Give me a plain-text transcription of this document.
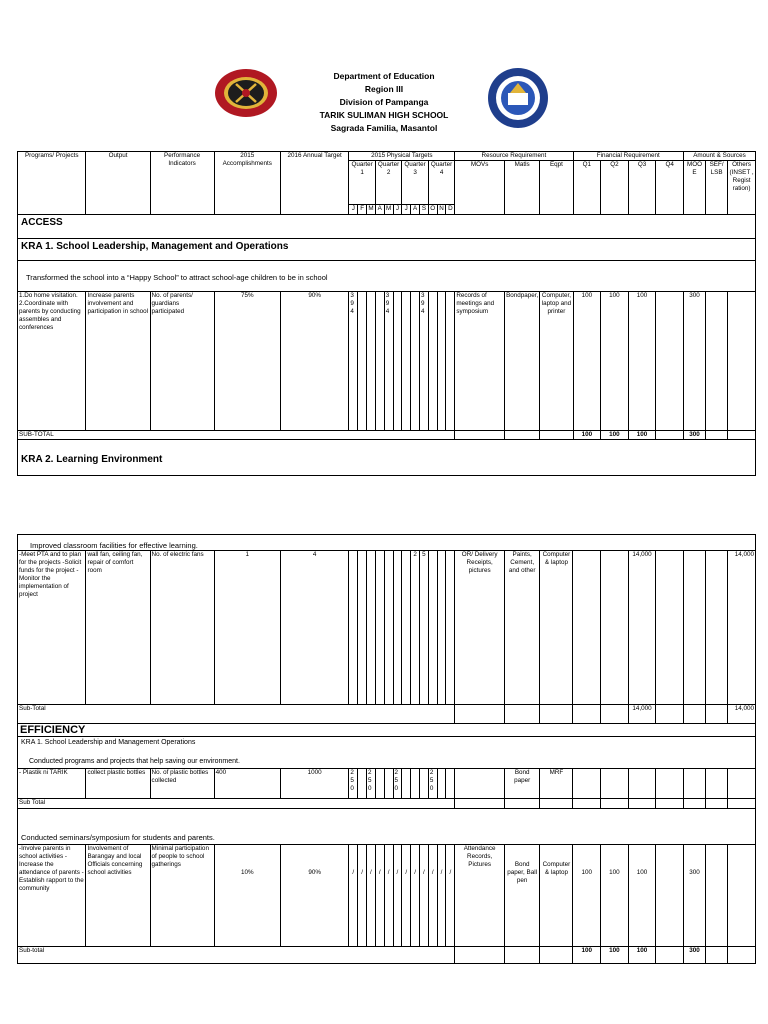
Department of Education
Region III
Division of Pampanga
TARIK SULIMAN HIGH SCHOOL
Sagrada Familia, Masantol
Programs/ Projects	Output	Performance Indicators	2015 Accomplishments	2016 Annual Target	2015 Physical Targets												Resource Requirement			Financial Requirement				Amount & Sources		
					Quarter 1			Quarter 2			Quarter 3			Quarter 4			MOVs	Matls	Eqpt	Q1	Q2	Q3	Q4	MOO E	SEF/ LSB	Others (INSET , Regist ration)
					J	F	M	A	M	J	J	A	S	O	N	D										
ACCESS																										
KRA 1. School Leadership, Management and Operations																										
Transformed the school into a “Happy School” to attract school-age children to be in school																										
1.Do home visitation. 2.Coordinate with parents by conducting assembles and conferences	Increase parents involvement and participation in school	No. of parents/ guardians participated	75%	90%	3 9 4				3 9 4				3 9 4				Records of meetings and symposium	Bondpaper,	Computer, laptop and printer	100	100	100		300		
SUB-TOTAL																				100	100	100		300		
KRA 2. Learning Environment																										
Improved classroom facilities for effective learning.																										
-Meet PTA and to plan for the projects -Solicit funds for the project -Monitor the implementation of project	wall fan, ceiling fan, repair of comfort room	No. of electric fans	1	4								2	5				OR/ Delivery Receipts, pictures	Paints, Cement, and other	Computer & laptop			14,000				14,000
Sub-Total																						14,000				14,000
EFFICIENCY																										

KRA 1. School Leadership and Management Operations
Conducted programs and projects that help saving our environment.																										

- Plastik ni TARIK	collect plastic bottles	No. of plastic bottles collected	400	1000	2 5 0		2 5 0			2 5 0				2 5 0				Bond paper	MRF							
Sub Total																										
Conducted seminars/symposium for students and parents.																										
-Involve parents in school activities -Increase the attendance of parents -Establish rapport to the community	Involvement of Barangay and local Officials concerning school activities	Minimal participation of people to school gatherings	10%	90%	/	/	/	/	/	/	/	/	/	/	/	/	Attendance Records, Pictures	Bond paper, Ball pen	Computer & laptop	100	100	100		300		
Sub-total																				100	100	100		300		
